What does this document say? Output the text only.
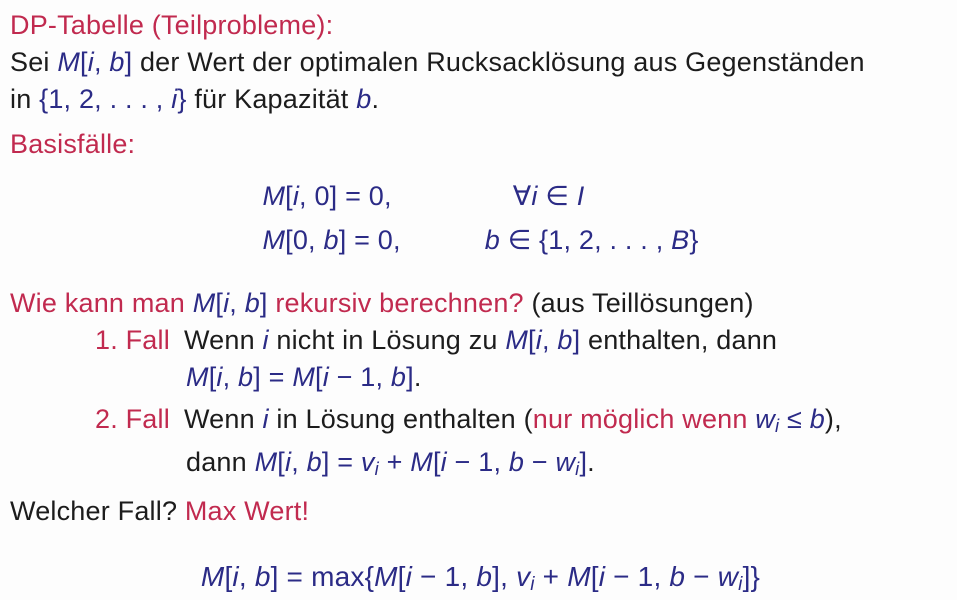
DP-Tabelle (Teilprobleme):
Sei M[i, b] der Wert der optimalen Rucksacklösung aus Gegenständen
in {1, 2, . . . , i} für Kapazität b.
Basisfälle:
M[i, 0] = 0,	∀i ∈ I
M[0, b] = 0,	b ∈ {1, 2, . . . , B}
Wie kann man M[i, b] rekursiv berechnen? (aus Teillösungen)
1. Fall Wenn i nicht in Lösung zu M[i, b] enthalten, dann
M[i, b] = M[i − 1, b].
2. Fall Wenn i in Lösung enthalten (nur möglich wenn wi ≤ b),
dann M[i, b] = vi + M[i − 1, b − wi].
Welcher Fall? Max Wert!
M[i, b] = max{M[i − 1, b], vi + M[i − 1, b − wi]}
